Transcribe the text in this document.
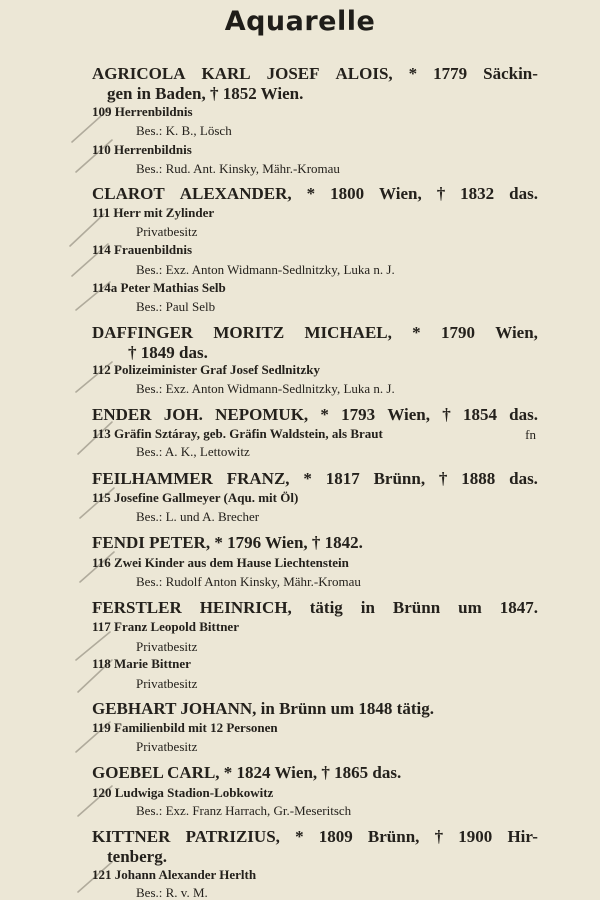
Aquarelle
AGRICOLA KARL JOSEF ALOIS, * 1779 Säckin-
gen in Baden, † 1852 Wien.
109 Herrenbildnis
Bes.: K. B., Lösch
110 Herrenbildnis
Bes.: Rud. Ant. Kinsky, Mähr.-Kromau
CLAROT ALEXANDER, * 1800 Wien, † 1832 das.
111 Herr mit Zylinder
Privatbesitz
114 Frauenbildnis
Bes.: Exz. Anton Widmann-Sedlnitzky, Luka n. J.
114a Peter Mathias Selb
Bes.: Paul Selb
DAFFINGER MORITZ MICHAEL, * 1790 Wien,
† 1849 das.
112 Polizeiminister Graf Josef Sedlnitzky
Bes.: Exz. Anton Widmann-Sedlnitzky, Luka n. J.
ENDER JOH. NEPOMUK, * 1793 Wien, † 1854 das.
113 Gräfin Sztáray, geb. Gräfin Waldstein, als Braut	fn
Bes.: A. K., Lettowitz
FEILHAMMER FRANZ, * 1817 Brünn, † 1888 das.
115 Josefine Gallmeyer (Aqu. mit Öl)
Bes.: L. und A. Brecher
FENDI PETER, * 1796 Wien, † 1842.
116 Zwei Kinder aus dem Hause Liechtenstein
Bes.: Rudolf Anton Kinsky, Mähr.-Kromau
FERSTLER HEINRICH, tätig in Brünn um 1847.
117 Franz Leopold Bittner
Privatbesitz
118 Marie Bittner
Privatbesitz
GEBHART JOHANN, in Brünn um 1848 tätig.
119 Familienbild mit 12 Personen
Privatbesitz
GOEBEL CARL, * 1824 Wien, † 1865 das.
120 Ludwiga Stadion-Lobkowitz
Bes.: Exz. Franz Harrach, Gr.-Meseritsch
KITTNER PATRIZIUS, * 1809 Brünn, † 1900 Hir-
tenberg.
121 Johann Alexander Herlth
Bes.: R. v. M.
